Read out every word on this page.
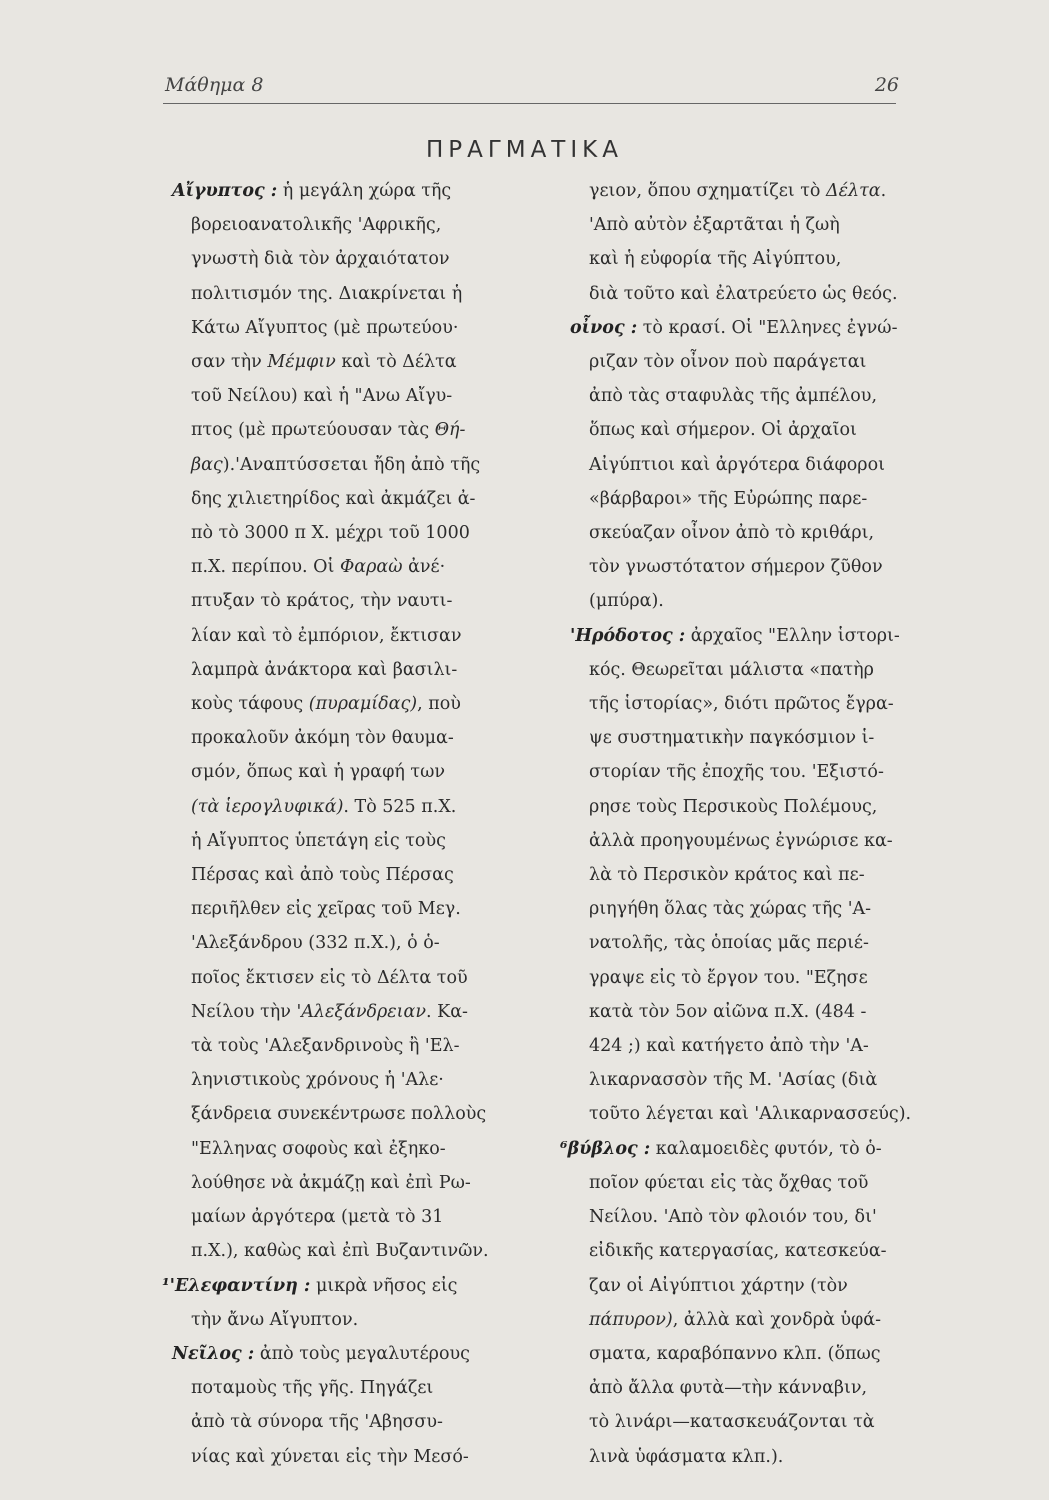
Μάθημα 8	26
ΠΡΑΓΜΑΤΙΚΑ
Αἴγυπτος : ἡ μεγάλη χώρα τῆς
βορειοανατολικῆς 'Αφρικῆς,
γνωστὴ διὰ τὸν ἀρχαιότατον
πολιτισμόν της. Διακρίνεται ἡ
Κάτω Αἴγυπτος (μὲ πρωτεύου·
σαν τὴν Μέμφιν καὶ τὸ Δέλτα
τοῦ Νείλου) καὶ ἡ "Ανω Αἴγυ-
πτος (μὲ πρωτεύουσαν τὰς Θή-
βας).'Αναπτύσσεται ἤδη ἀπὸ τῆς
δης χιλιετηρίδος καὶ ἀκμάζει ἀ-
πὸ τὸ 3000 π Χ. μέχρι τοῦ 1000
π.Χ. περίπου. Οἱ Φαραὼ ἀνέ·
πτυξαν τὸ κράτος, τὴν ναυτι-
λίαν καὶ τὸ ἐμπόριον, ἔκτισαν
λαμπρὰ ἀνάκτορα καὶ βασιλι-
κοὺς τάφους (πυραμίδας), ποὺ
προκαλοῦν ἀκόμη τὸν θαυμα-
σμόν, ὅπως καὶ ἡ γραφή των
(τὰ ἱερογλυφικά). Τὸ 525 π.Χ.
ἡ Αἴγυπτος ὑπετάγη εἰς τοὺς
Πέρσας καὶ ἀπὸ τοὺς Πέρσας
περιῆλθεν εἰς χεῖρας τοῦ Μεγ.
'Αλεξάνδρου (332 π.Χ.), ὁ ὁ-
ποῖος ἔκτισεν εἰς τὸ Δέλτα τοῦ
Νείλου τὴν 'Αλεξάνδρειαν. Κα-
τὰ τοὺς 'Αλεξανδρινοὺς ἢ 'Ελ-
ληνιστικοὺς χρόνους ἡ 'Αλε·
ξάνδρεια συνεκέντρωσε πολλοὺς
"Ελληνας σοφοὺς καὶ ἐξηκο-
λούθησε νὰ ἀκμάζῃ καὶ ἐπὶ Ρω-
μαίων ἀργότερα (μετὰ τὸ 31
π.Χ.), καθὼς καὶ ἐπὶ Βυζαντινῶν.
¹'Ελεφαντίνη : μικρὰ νῆσος εἰς
τὴν ἄνω Αἴγυπτον.
Νεῖλος : ἀπὸ τοὺς μεγαλυτέρους
ποταμοὺς τῆς γῆς. Πηγάζει
ἀπὸ τὰ σύνορα τῆς 'Αβησσυ-
νίας καὶ χύνεται εἰς τὴν Μεσό-
γειον, ὅπου σχηματίζει τὸ Δέλτα.
'Απὸ αὐτὸν ἐξαρτᾶται ἡ ζωὴ
καὶ ἡ εὐφορία τῆς Αἰγύπτου,
διὰ τοῦτο καὶ ἐλατρεύετο ὡς θεός.
οἶνος : τὸ κρασί. Οἱ "Ελληνες ἐγνώ-
ριζαν τὸν οἶνον ποὺ παράγεται
ἀπὸ τὰς σταφυλὰς τῆς ἀμπέλου,
ὅπως καὶ σήμερον. Οἱ ἀρχαῖοι
Αἰγύπτιοι καὶ ἀργότερα διάφοροι
«βάρβαροι» τῆς Εὐρώπης παρε-
σκεύαζαν οἶνον ἀπὸ τὸ κριθάρι,
τὸν γνωστότατον σήμερον ζῦθον
(μπύρα).
'Ηρόδοτος : ἀρχαῖος "Ελλην ἱστορι-
κός. Θεωρεῖται μάλιστα «πατὴρ
τῆς ἱστορίας», διότι πρῶτος ἔγρα-
ψε συστηματικὴν παγκόσμιον ἱ-
στορίαν τῆς ἐποχῆς του. 'Εξιστό-
ρησε τοὺς Περσικοὺς Πολέμους,
ἀλλὰ προηγουμένως ἐγνώρισε κα-
λὰ τὸ Περσικὸν κράτος καὶ πε-
ριηγήθη ὅλας τὰς χώρας τῆς 'Α-
νατολῆς, τὰς ὁποίας μᾶς περιέ-
γραψε εἰς τὸ ἔργον του. "Εζησε
κατὰ τὸν 5ον αἰῶνα π.Χ. (484 -
424 ;) καὶ κατήγετο ἀπὸ τὴν 'Α-
λικαρνασσὸν τῆς Μ. 'Ασίας (διὰ
τοῦτο λέγεται καὶ 'Αλικαρνασσεύς).
⁶βύβλος : καλαμοειδὲς φυτόν, τὸ ὁ-
ποῖον φύεται εἰς τὰς ὄχθας τοῦ
Νείλου. 'Απὸ τὸν φλοιόν του, δι'
εἰδικῆς κατεργασίας, κατεσκεύα-
ζαν οἱ Αἰγύπτιοι χάρτην (τὸν
πάπυρον), ἀλλὰ καὶ χονδρὰ ὑφά-
σματα, καραβόπαννο κλπ. (ὅπως
ἀπὸ ἄλλα φυτὰ—τὴν κάνναβιν,
τὸ λινάρι—κατασκευάζονται τὰ
λινὰ ὑφάσματα κλπ.).
